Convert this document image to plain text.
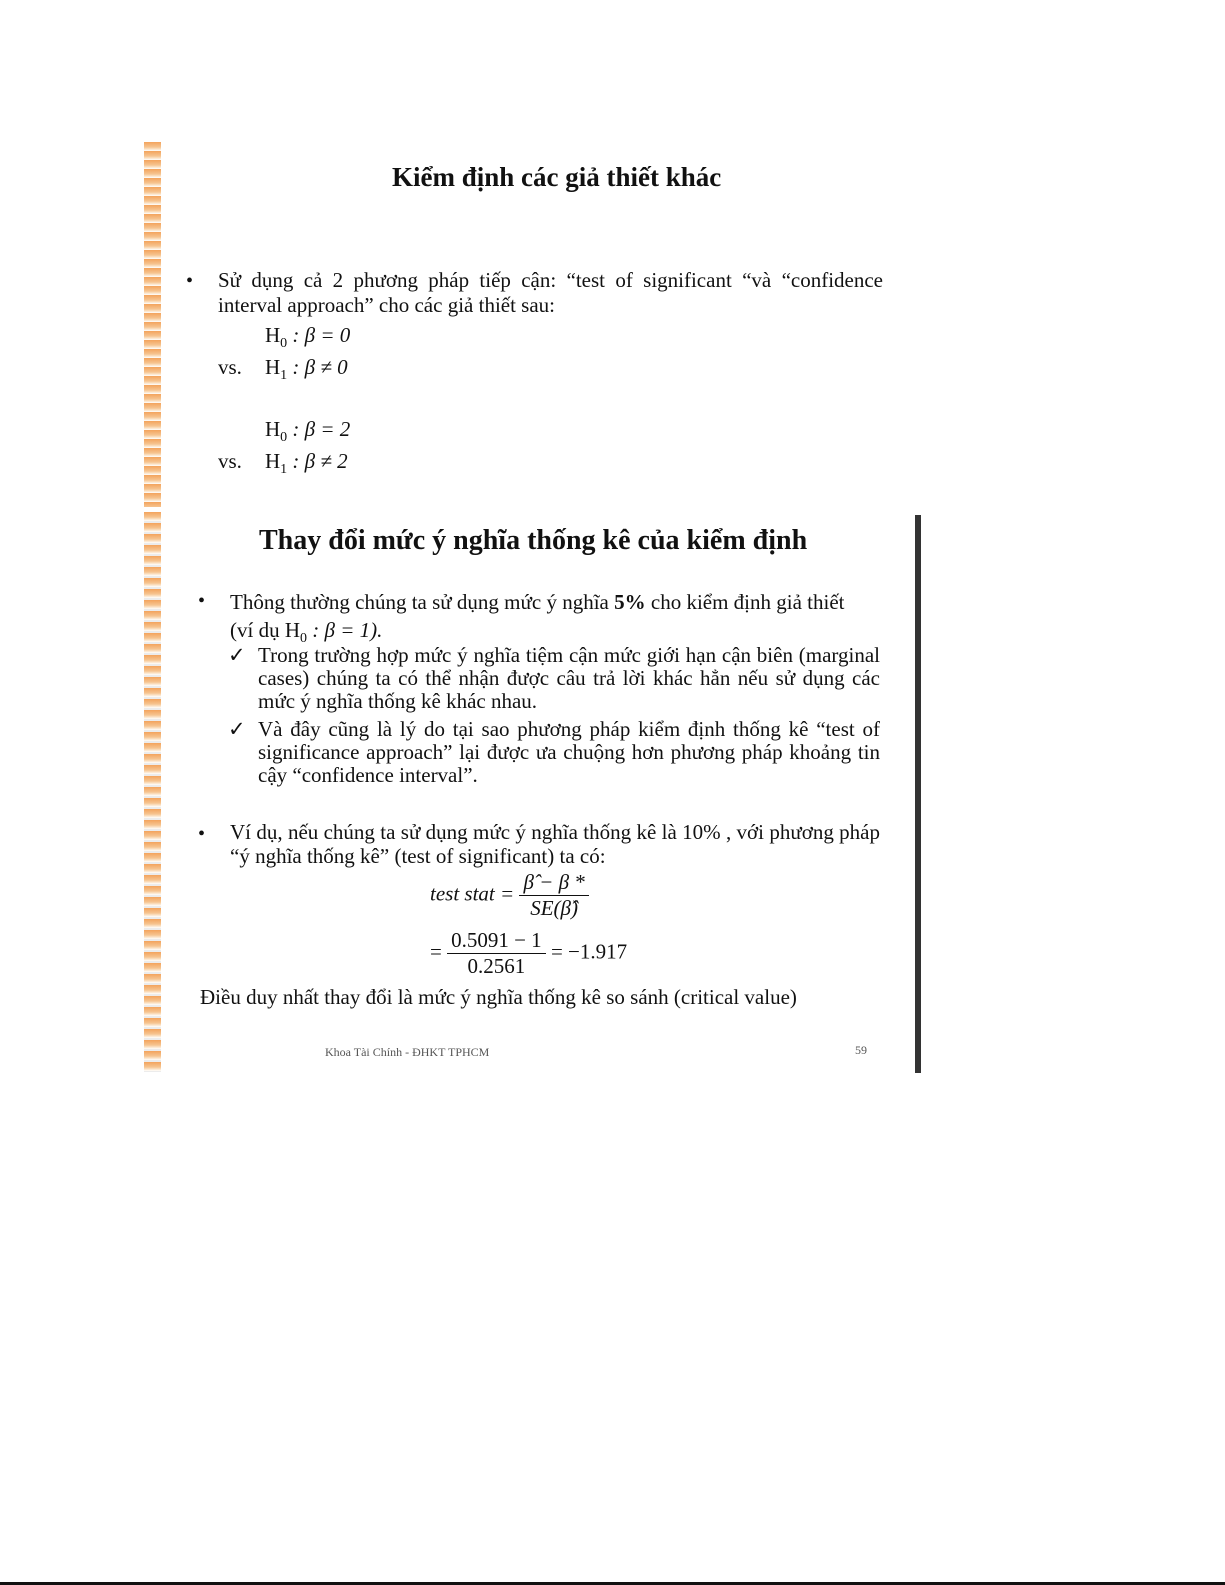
Kiểm định các giả thiết khác
• Sử dụng cả 2 phương pháp tiếp cận: “test of significant “và “confidence interval approach” cho các giả thiết sau:
$H_0$ : β = 0
vs. $H_1$ : β ≠ 0
$H_0$ : β = 2
vs. $H_1$ : β ≠ 2
Thay đổi mức ý nghĩa thống kê của kiểm định
• Thông thường chúng ta sử dụng mức ý nghĩa 5% cho kiểm định giả thiết
(ví dụ $H_0$ : β = 1).
✓ Trong trường hợp mức ý nghĩa tiệm cận mức giới hạn cận biên (marginal cases) chúng ta có thể nhận được câu trả lời khác hẳn nếu sử dụng các mức ý nghĩa thống kê khác nhau.
✓ Và đây cũng là lý do tại sao phương pháp kiểm định thống kê “test of significance approach” lại được ưa chuộng hơn phương pháp khoảng tin cậy “confidence interval”.
• Ví dụ, nếu chúng ta sử dụng mức ý nghĩa thống kê là 10% , với phương pháp “ý nghĩa thống kê” (test of significant) ta có:
test stat = $\frac{\betâ - \beta *}{SE(\betâ)}$
= $\frac{0.5091 - 1}{0.2561} = -1.917$
Điều duy nhất thay đổi là mức ý nghĩa thống kê so sánh (critical value)
Khoa Tài Chính - ĐHKT TPHCM	59
